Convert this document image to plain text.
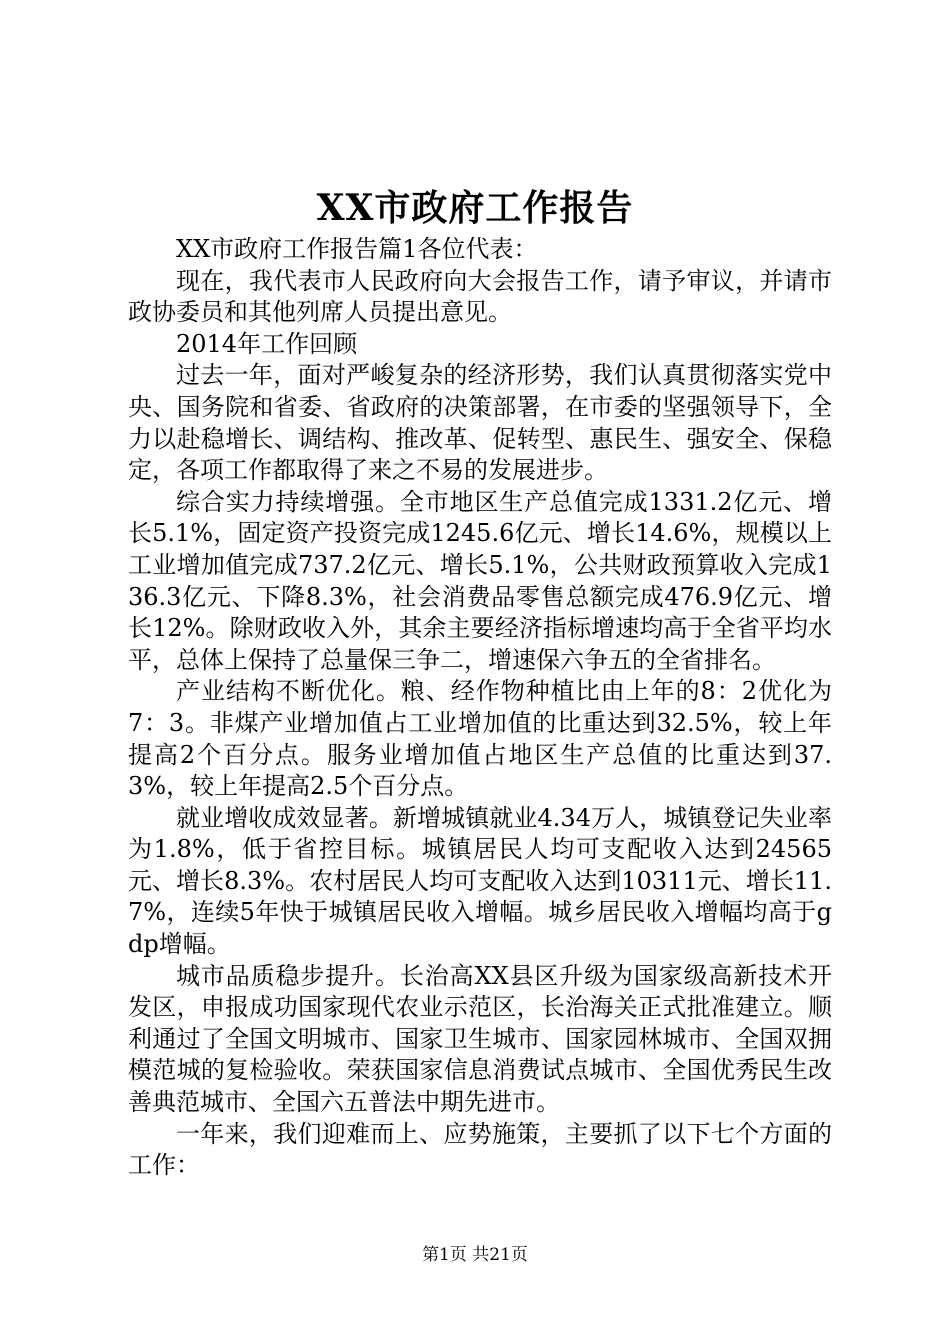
XX市政府工作报告

XX市政府工作报告篇1各位代表：

现在，我代表市人民政府向大会报告工作，请予审议，并请市政协委员和其他列席人员提出意见。

2014年工作回顾

过去一年，面对严峻复杂的经济形势，我们认真贯彻落实党中央、国务院和省委、省政府的决策部署，在市委的坚强领导下，全力以赴稳增长、调结构、推改革、促转型、惠民生、强安全、保稳定，各项工作都取得了来之不易的发展进步。

综合实力持续增强。全市地区生产总值完成1331.2亿元、增长5.1%，固定资产投资完成1245.6亿元、增长14.6%，规模以上工业增加值完成737.2亿元、增长5.1%，公共财政预算收入完成136.3亿元、下降8.3%，社会消费品零售总额完成476.9亿元、增长12%。除财政收入外，其余主要经济指标增速均高于全省平均水平，总体上保持了总量保三争二，增速保六争五的全省排名。

产业结构不断优化。粮、经作物种植比由上年的8：2优化为7：3。非煤产业增加值占工业增加值的比重达到32.5%，较上年提高2个百分点。服务业增加值占地区生产总值的比重达到37.3%，较上年提高2.5个百分点。

就业增收成效显著。新增城镇就业4.34万人，城镇登记失业率为1.8%，低于省控目标。城镇居民人均可支配收入达到24565元、增长8.3%。农村居民人均可支配收入达到10311元、增长11.7%，连续5年快于城镇居民收入增幅。城乡居民收入增幅均高于gdp增幅。

城市品质稳步提升。长治高XX县区升级为国家级高新技术开发区，申报成功国家现代农业示范区，长治海关正式批准建立。顺利通过了全国文明城市、国家卫生城市、国家园林城市、全国双拥模范城的复检验收。荣获国家信息消费试点城市、全国优秀民生改善典范城市、全国六五普法中期先进市。

一年来，我们迎难而上、应势施策，主要抓了以下七个方面的工作：

第1页 共21页
